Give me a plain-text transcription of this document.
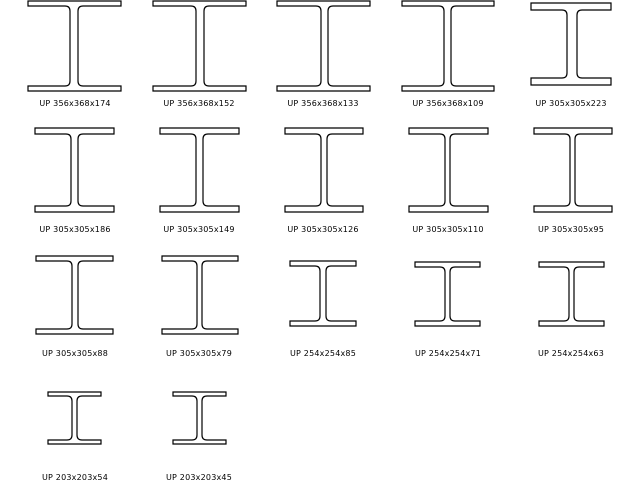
UP 356x368x174	UP 356x368x152	UP 356x368x133	UP 356x368x109	UP 305x305x223
UP 305x305x186	UP 305x305x149	UP 305x305x126	UP 305x305x110	UP 305x305x95
UP 305x305x88	UP 305x305x79	UP 254x254x85	UP 254x254x71	UP 254x254x63
UP 203x203x54	UP 203x203x45
